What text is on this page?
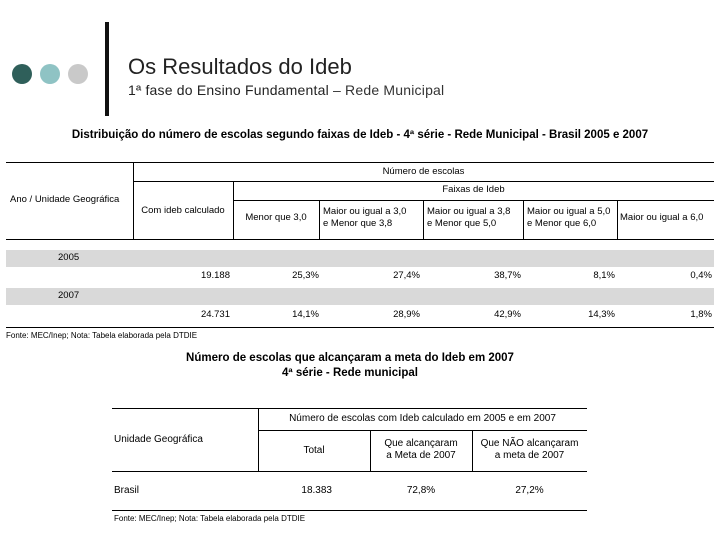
Os Resultados do Ideb
1ª fase do Ensino Fundamental – Rede Municipal
Distribuição do número de escolas segundo faixas de Ideb - 4ª série - Rede Municipal - Brasil 2005 e 2007
Ano / Unidade Geográfica
Número de escolas
Faixas de Ideb
Com ideb calculado
Menor que 3,0
Maior ou igual a 3,0
e Menor que 3,8
Maior ou igual a 3,8
e Menor que 5,0
Maior ou igual a 5,0
e Menor que 6,0
Maior ou igual a 6,0
2005
19.188	25,3%	27,4%	38,7%	8,1%	0,4%
2007
24.731	14,1%	28,9%	42,9%	14,3%	1,8%
Fonte: MEC/Inep; Nota: Tabela elaborada pela DTDIE
Número de escolas que alcançaram a meta do Ideb em 2007
4ª série - Rede municipal
Unidade Geográfica
Número de escolas com Ideb calculado em 2005 e em 2007
Total
Que alcançaram
a Meta de 2007
Que NÃO alcançaram
a meta de 2007
Brasil	18.383	72,8%	27,2%
Fonte: MEC/Inep; Nota: Tabela elaborada pela DTDIE
